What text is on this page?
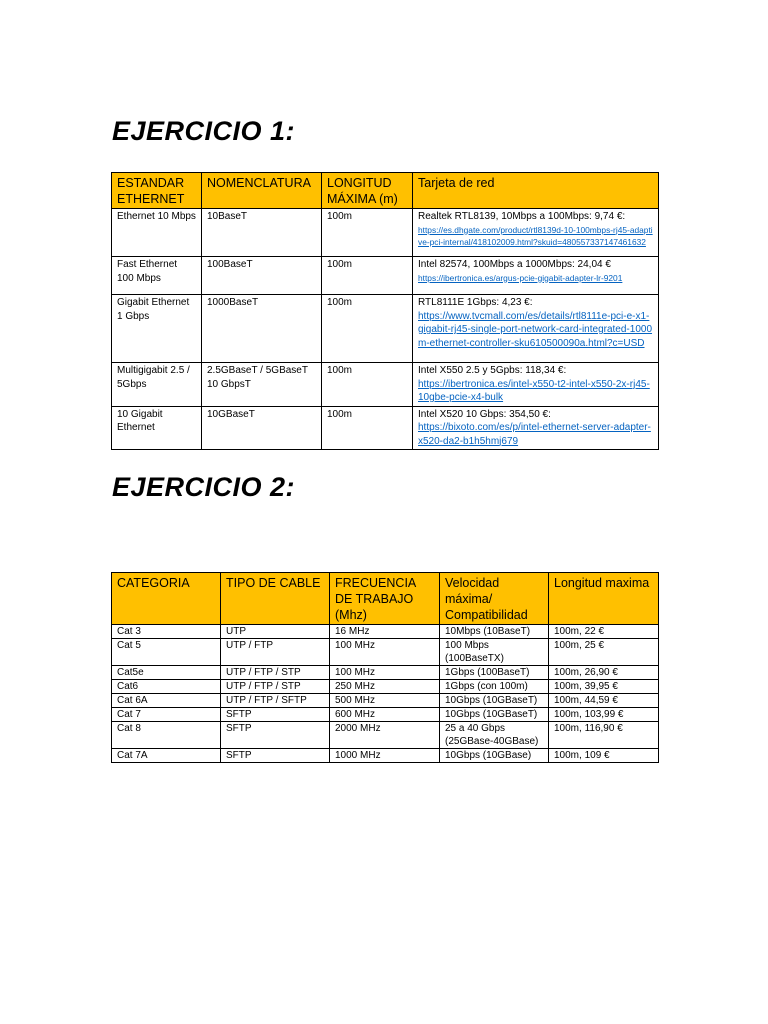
EJERCICIO 1:
ESTANDAR ETHERNET	NOMENCLATURA	LONGITUD MÁXIMA (m)	Tarjeta de red
Ethernet 10 Mbps	10BaseT	100m	Realtek RTL8139, 10Mbps a 100Mbps: 9,74 €:
https://es.dhgate.com/product/rtl8139d-10-100mbps-rj45-adaptive-pci-internal/418102009.html?skuid=480557337147461632

Fast Ethernet 100 Mbps	100BaseT	100m	Intel 82574, 100Mbps a 1000Mbps: 24,04 €
https://ibertronica.es/argus-pcie-gigabit-adapter-lr-9201

Gigabit Ethernet 1 Gbps	1000BaseT	100m	RTL8111E 1Gbps: 4,23 €:
https://www.tvcmall.com/es/details/rtl8111e-pci-e-x1-gigabit-rj45-single-port-network-card-integrated-1000m-ethernet-controller-sku610500090a.html?c=USD

Multigigabit 2.5 / 5Gbps	2.5GBaseT / 5GBaseT 10 GbpsT	100m	Intel X550 2.5 y 5Gpbs: 118,34 €:
https://ibertronica.es/intel-x550-t2-intel-x550-2x-rj45-10gbe-pcie-x4-bulk

10 Gigabit Ethernet	10GBaseT	100m	Intel X520 10 Gbps: 354,50 €:
https://bixoto.com/es/p/intel-ethernet-server-adapter-x520-da2-b1h5hmj679
EJERCICIO 2:
CATEGORIA	TIPO DE CABLE	FRECUENCIA DE TRABAJO (Mhz)	Velocidad máxima/ Compatibilidad	Longitud maxima
Cat 3	UTP	16 MHz	10Mbps (10BaseT)	100m, 22 €
Cat 5	UTP / FTP	100 MHz	100 Mbps (100BaseTX)	100m, 25 €
Cat5e	UTP / FTP / STP	100 MHz	1Gbps (100BaseT)	100m, 26,90 €
Cat6	UTP / FTP / STP	250 MHz	1Gbps (con 100m)	100m, 39,95 €
Cat 6A	UTP / FTP / SFTP	500 MHz	10Gbps (10GBaseT)	100m, 44,59 €
Cat 7	SFTP	600 MHz	10Gbps (10GBaseT)	100m, 103,99 €
Cat 8	SFTP	2000 MHz	25 a 40 Gbps (25GBase-40GBase)	100m, 116,90 €
Cat 7A	SFTP	1000 MHz	10Gbps (10GBase)	100m, 109 €
